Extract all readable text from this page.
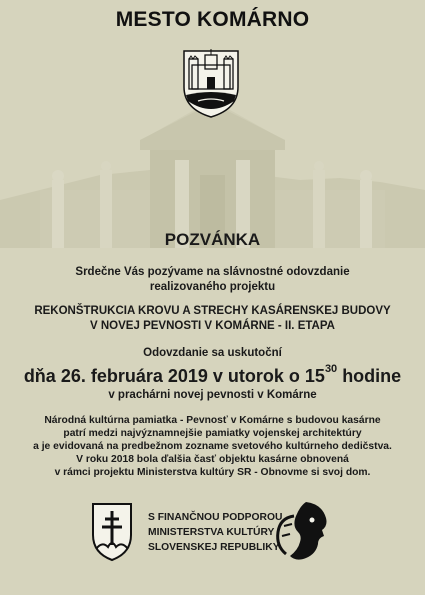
MESTO KOMÁRNO
POZVÁNKA
Srdečne Vás pozývame na slávnostné odovzdanie
realizovaného projektu
REKONŠTRUKCIA KROVU A STRECHY KASÁRENSKEJ BUDOVY
V NOVEJ PEVNOSTI V KOMÁRNE - II. ETAPA
Odovzdanie sa uskutoční
dňa 26. februára 2019 v utorok o $15^{30}$ hodine
v prachárni novej pevnosti v Komárne
Národná kultúrna pamiatka - Pevnosť v Komárne s budovou kasárne
patrí medzi najvýznamnejšie pamiatky vojenskej architektúry
a je evidovaná na predbežnom zozname svetového kultúrneho dedičstva.
V roku 2018 bola ďalšia časť objektu kasárne obnovená
v rámci projektu Ministerstva kultúry SR - Obnovme si svoj dom.
S FINANČNOU PODPOROU
MINISTERSTVA KULTÚRY
SLOVENSKEJ REPUBLIKY
